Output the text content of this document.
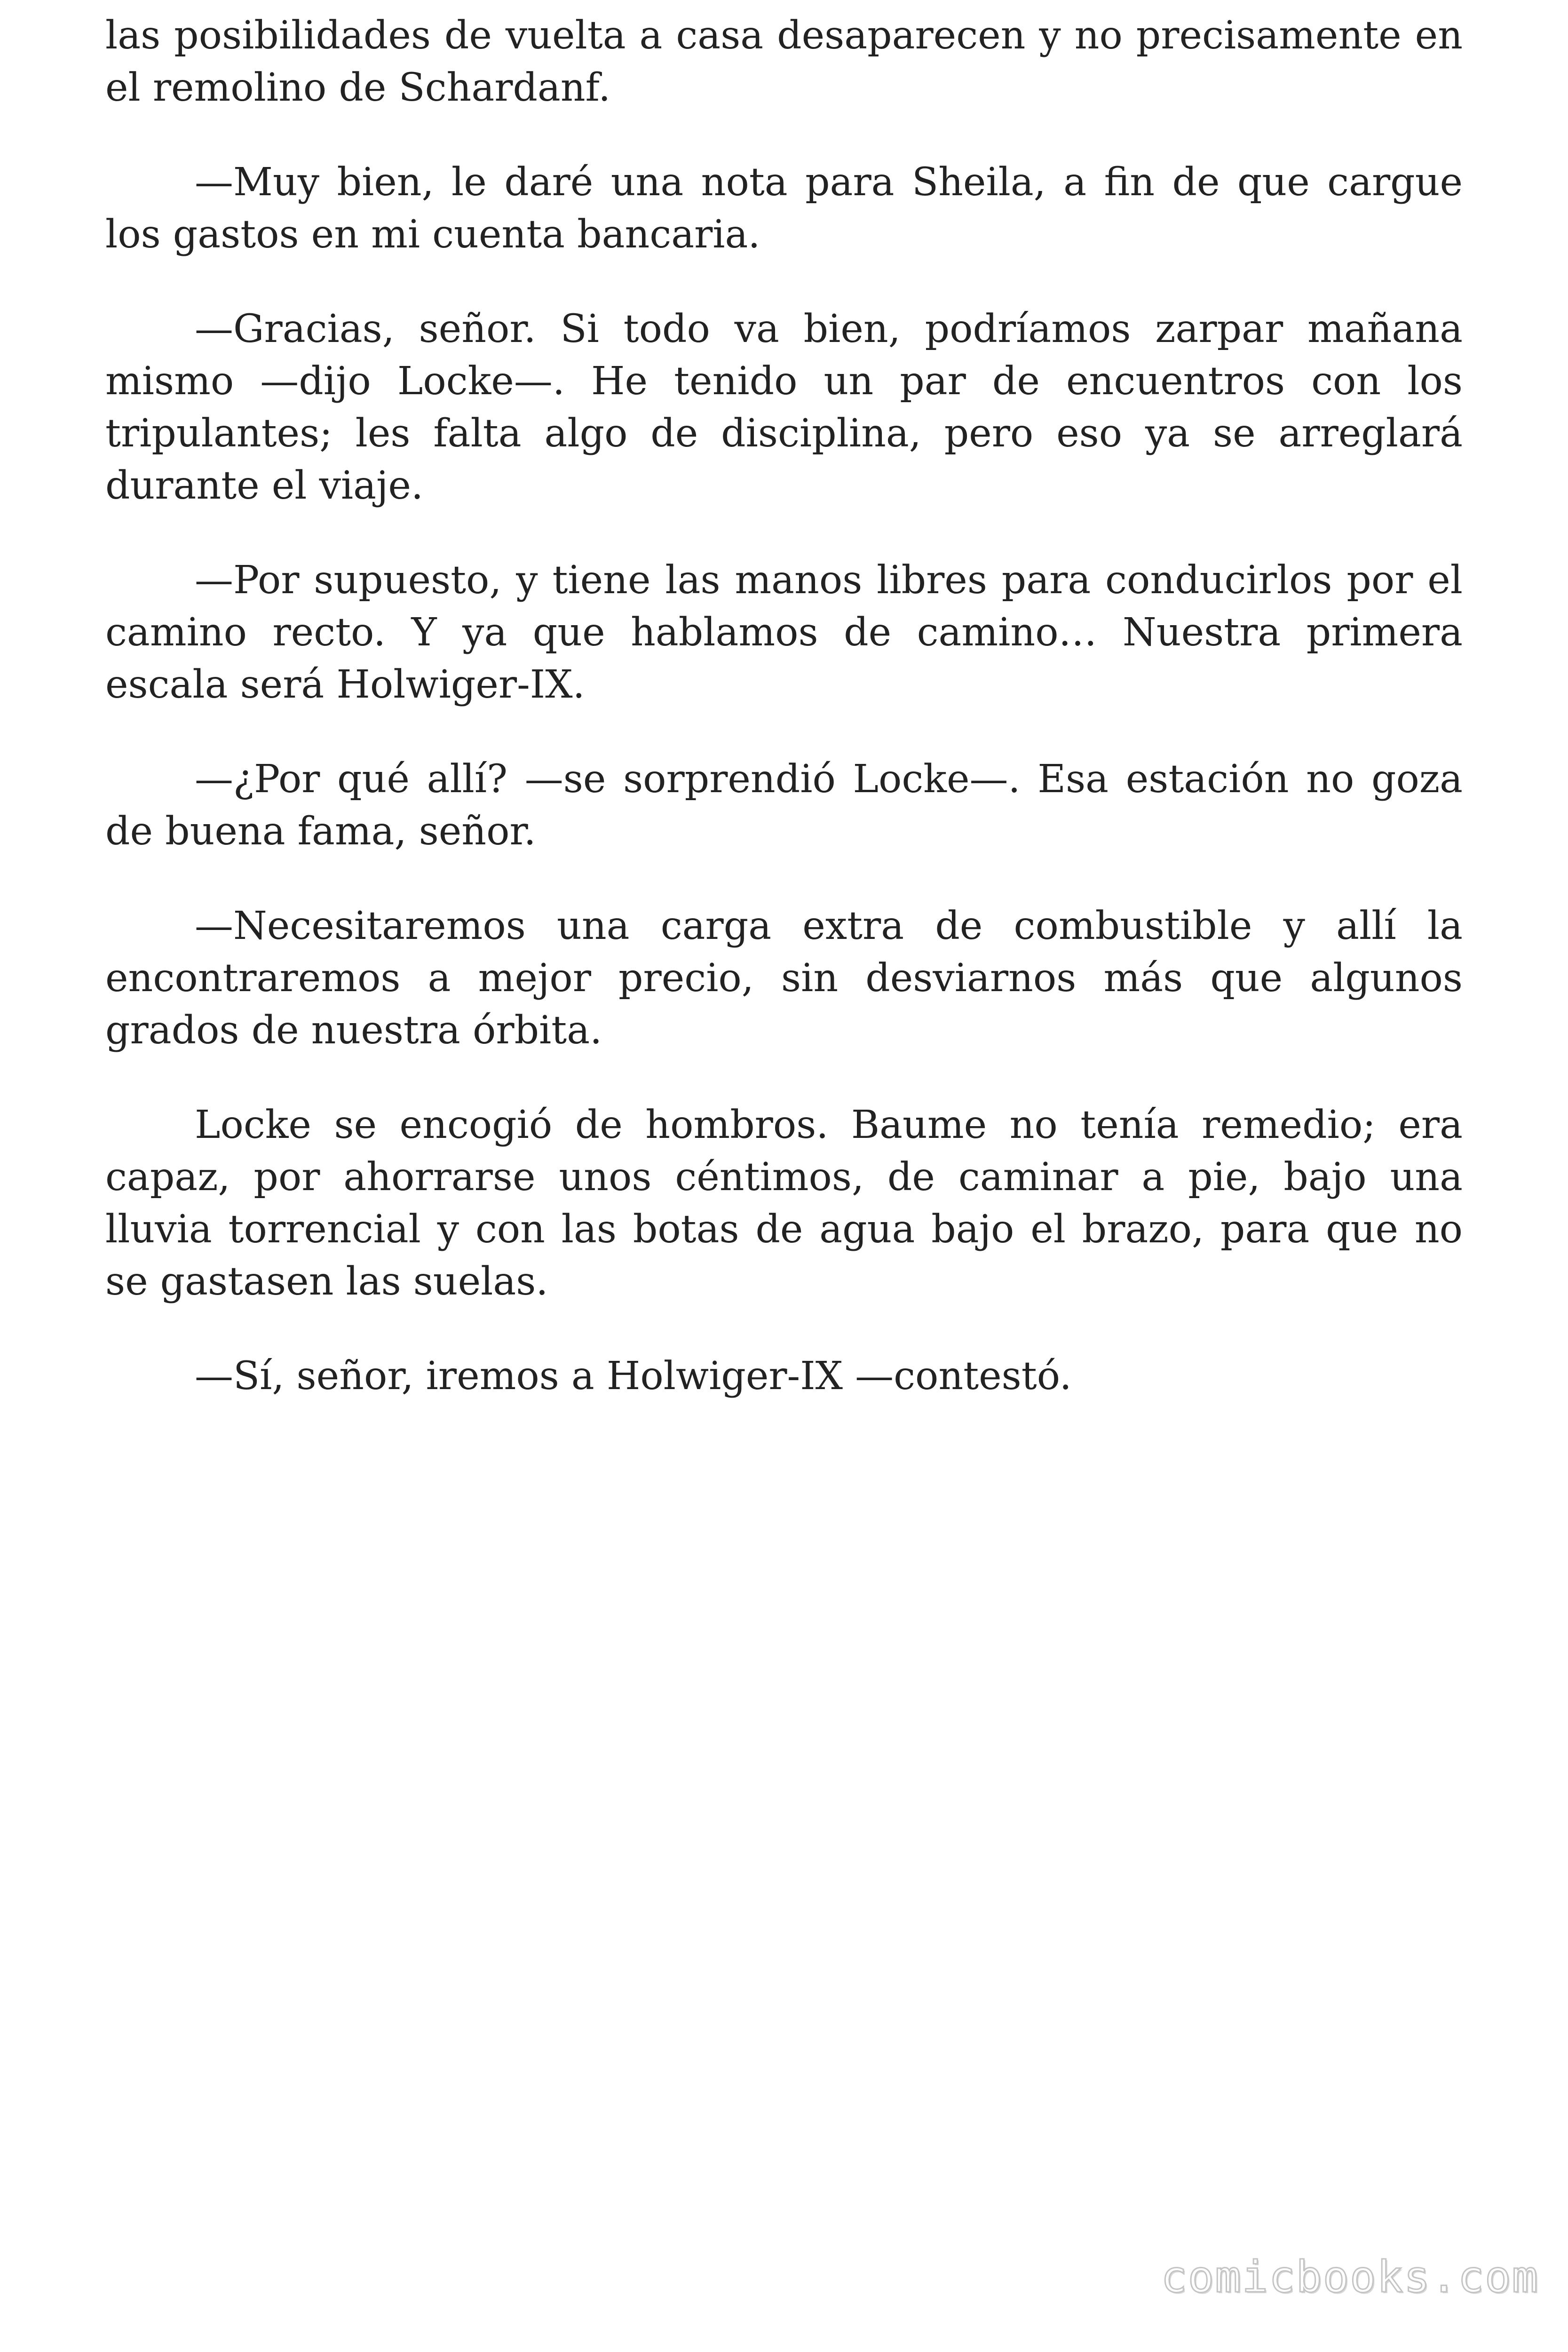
las posibilidades de vuelta a casa desaparecen y no precisamente en el remolino de Schardanf.

—Muy bien, le daré una nota para Sheila, a fin de que cargue los gastos en mi cuenta bancaria.

—Gracias, señor. Si todo va bien, podríamos zarpar mañana mismo —dijo Locke—. He tenido un par de encuentros con los tripulantes; les falta algo de disciplina, pero eso ya se arreglará durante el viaje.

—Por supuesto, y tiene las manos libres para conducirlos por el camino recto. Y ya que hablamos de camino… Nuestra primera escala será Holwiger-IX.

—¿Por qué allí? —se sorprendió Locke—. Esa estación no goza de buena fama, señor.

—Necesitaremos una carga extra de combustible y allí la encontraremos a mejor precio, sin desviarnos más que algunos grados de nuestra órbita.

Locke se encogió de hombros. Baume no tenía remedio; era capaz, por ahorrarse unos céntimos, de caminar a pie, bajo una lluvia torrencial y con las botas de agua bajo el brazo, para que no se gastasen las suelas.

—Sí, señor, iremos a Holwiger-IX —contestó.

comicbooks.com
